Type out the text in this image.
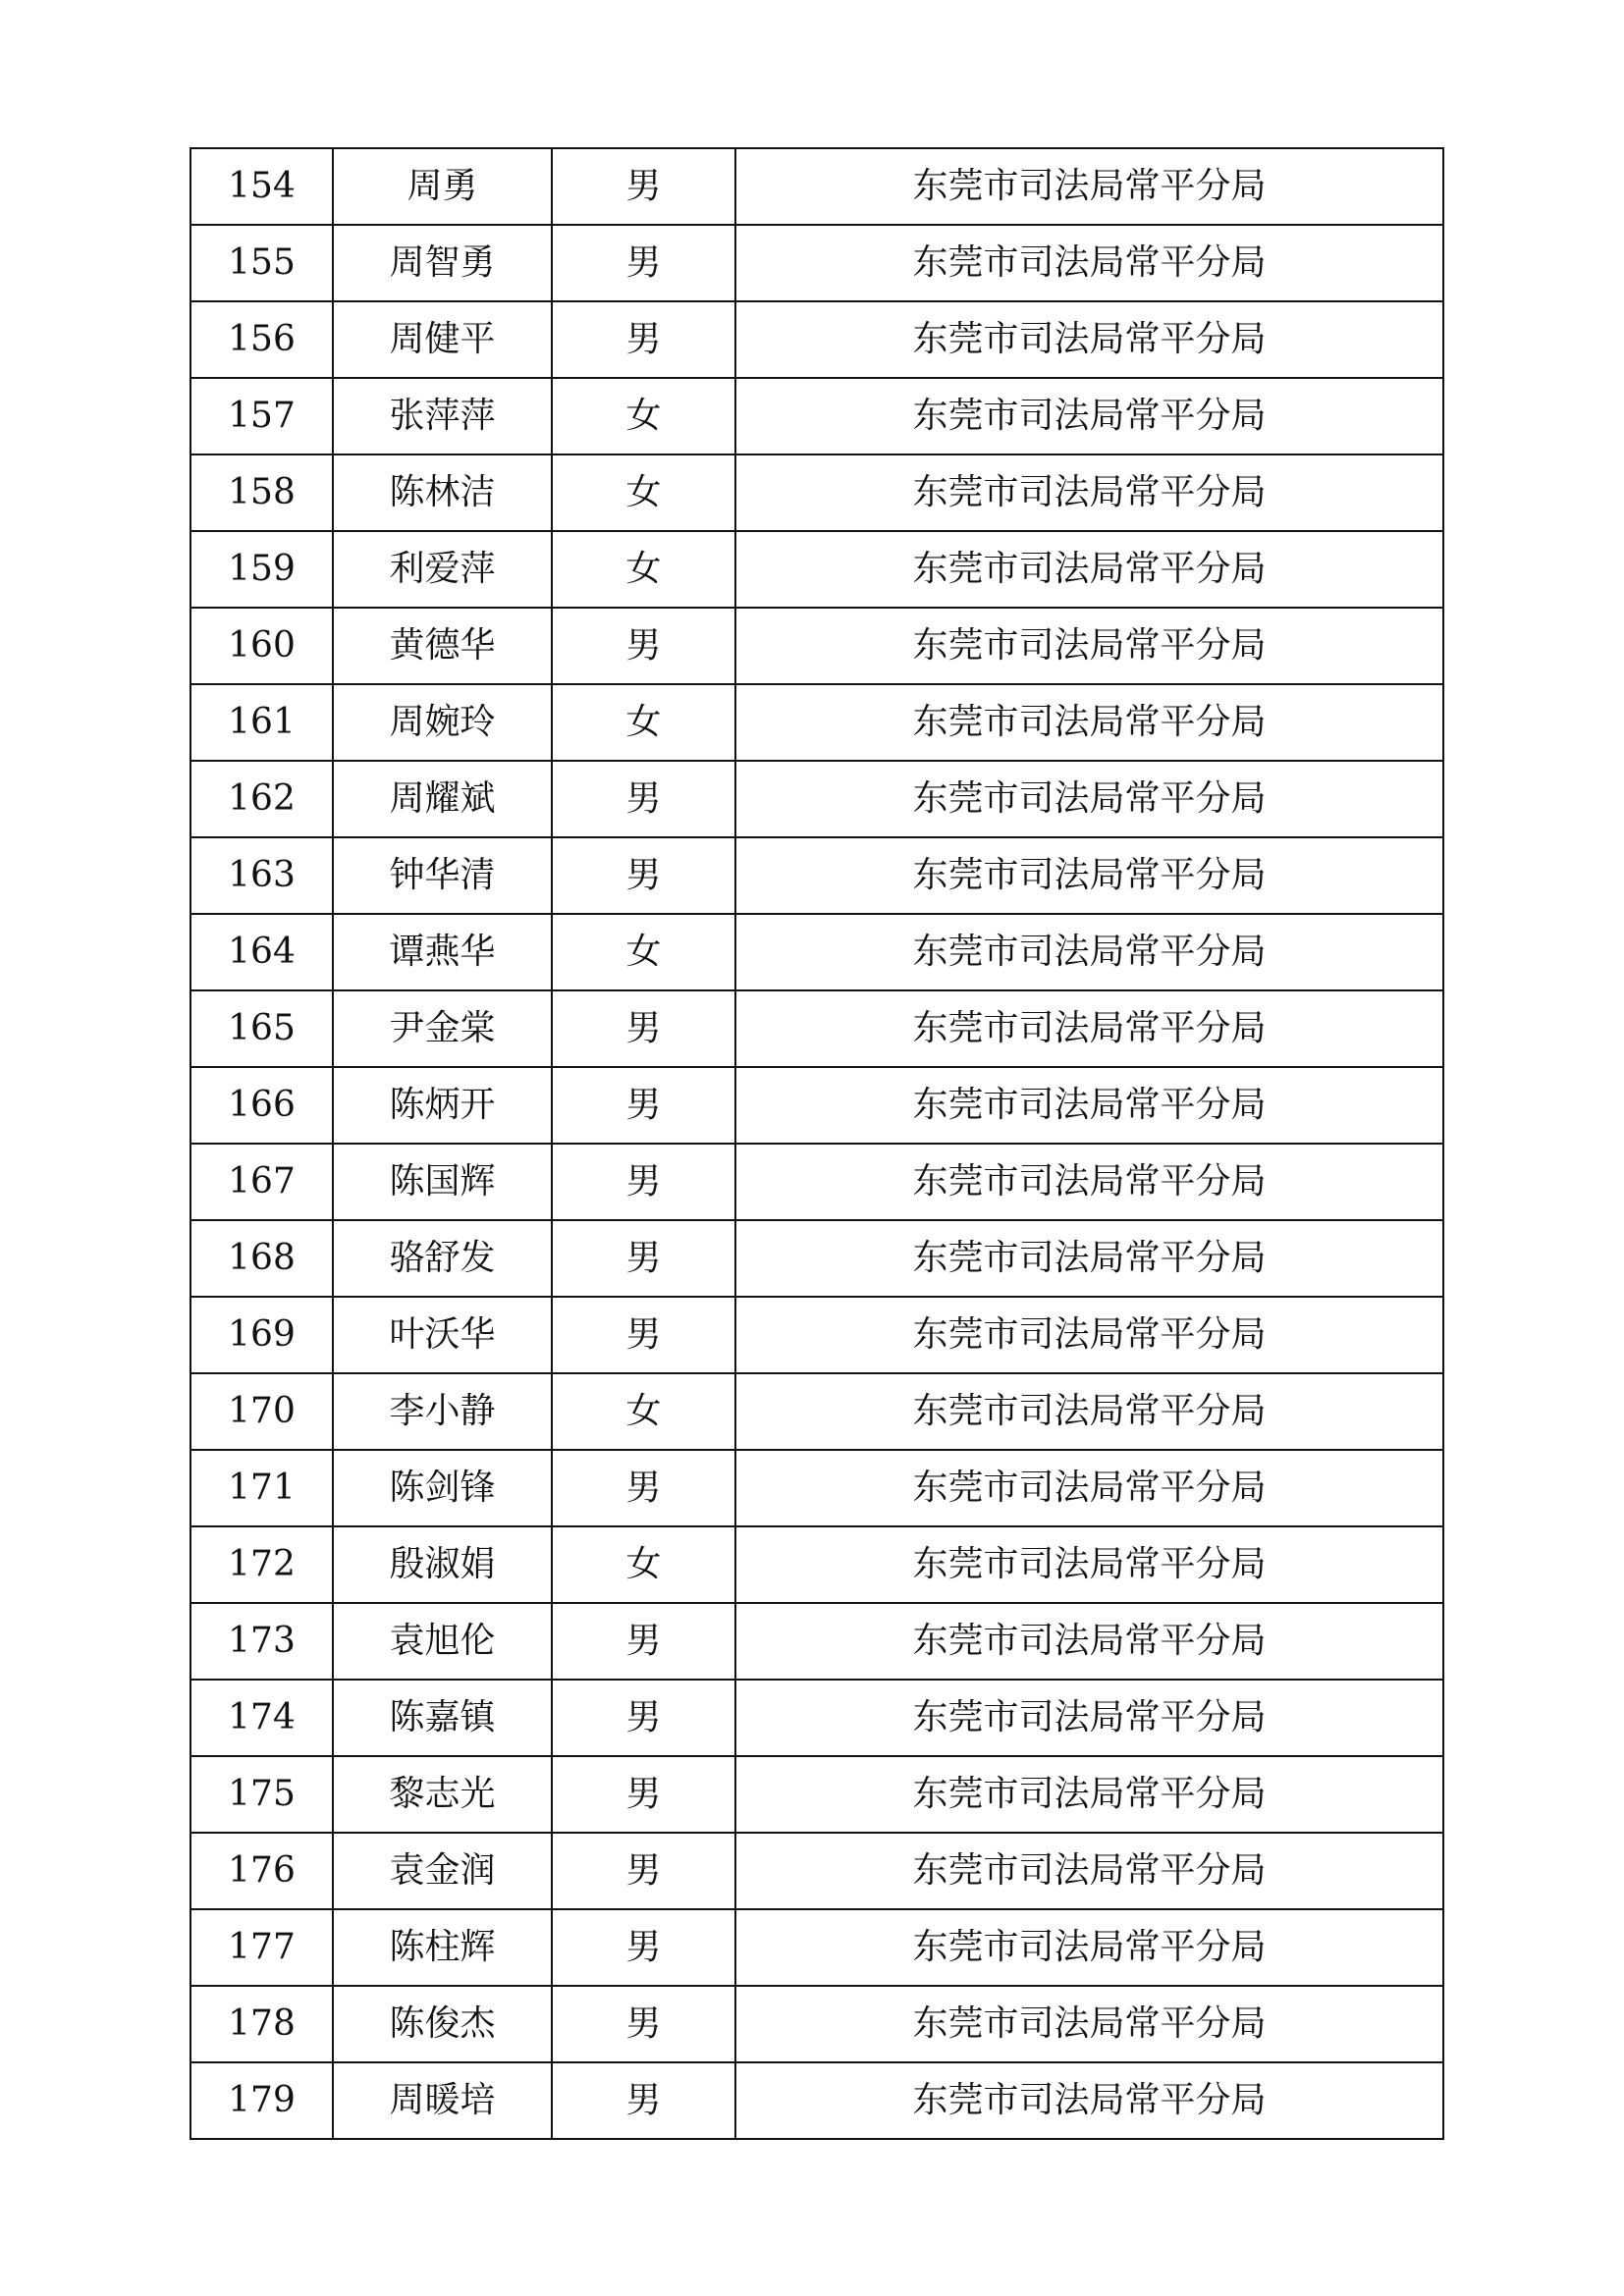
154	周勇	男	东莞市司法局常平分局
155	周智勇	男	东莞市司法局常平分局
156	周健平	男	东莞市司法局常平分局
157	张萍萍	女	东莞市司法局常平分局
158	陈林洁	女	东莞市司法局常平分局
159	利爱萍	女	东莞市司法局常平分局
160	黄德华	男	东莞市司法局常平分局
161	周婉玲	女	东莞市司法局常平分局
162	周耀斌	男	东莞市司法局常平分局
163	钟华清	男	东莞市司法局常平分局
164	谭燕华	女	东莞市司法局常平分局
165	尹金棠	男	东莞市司法局常平分局
166	陈炳开	男	东莞市司法局常平分局
167	陈国辉	男	东莞市司法局常平分局
168	骆舒发	男	东莞市司法局常平分局
169	叶沃华	男	东莞市司法局常平分局
170	李小静	女	东莞市司法局常平分局
171	陈剑锋	男	东莞市司法局常平分局
172	殷淑娟	女	东莞市司法局常平分局
173	袁旭伦	男	东莞市司法局常平分局
174	陈嘉镇	男	东莞市司法局常平分局
175	黎志光	男	东莞市司法局常平分局
176	袁金润	男	东莞市司法局常平分局
177	陈柱辉	男	东莞市司法局常平分局
178	陈俊杰	男	东莞市司法局常平分局
179	周暖培	男	东莞市司法局常平分局
